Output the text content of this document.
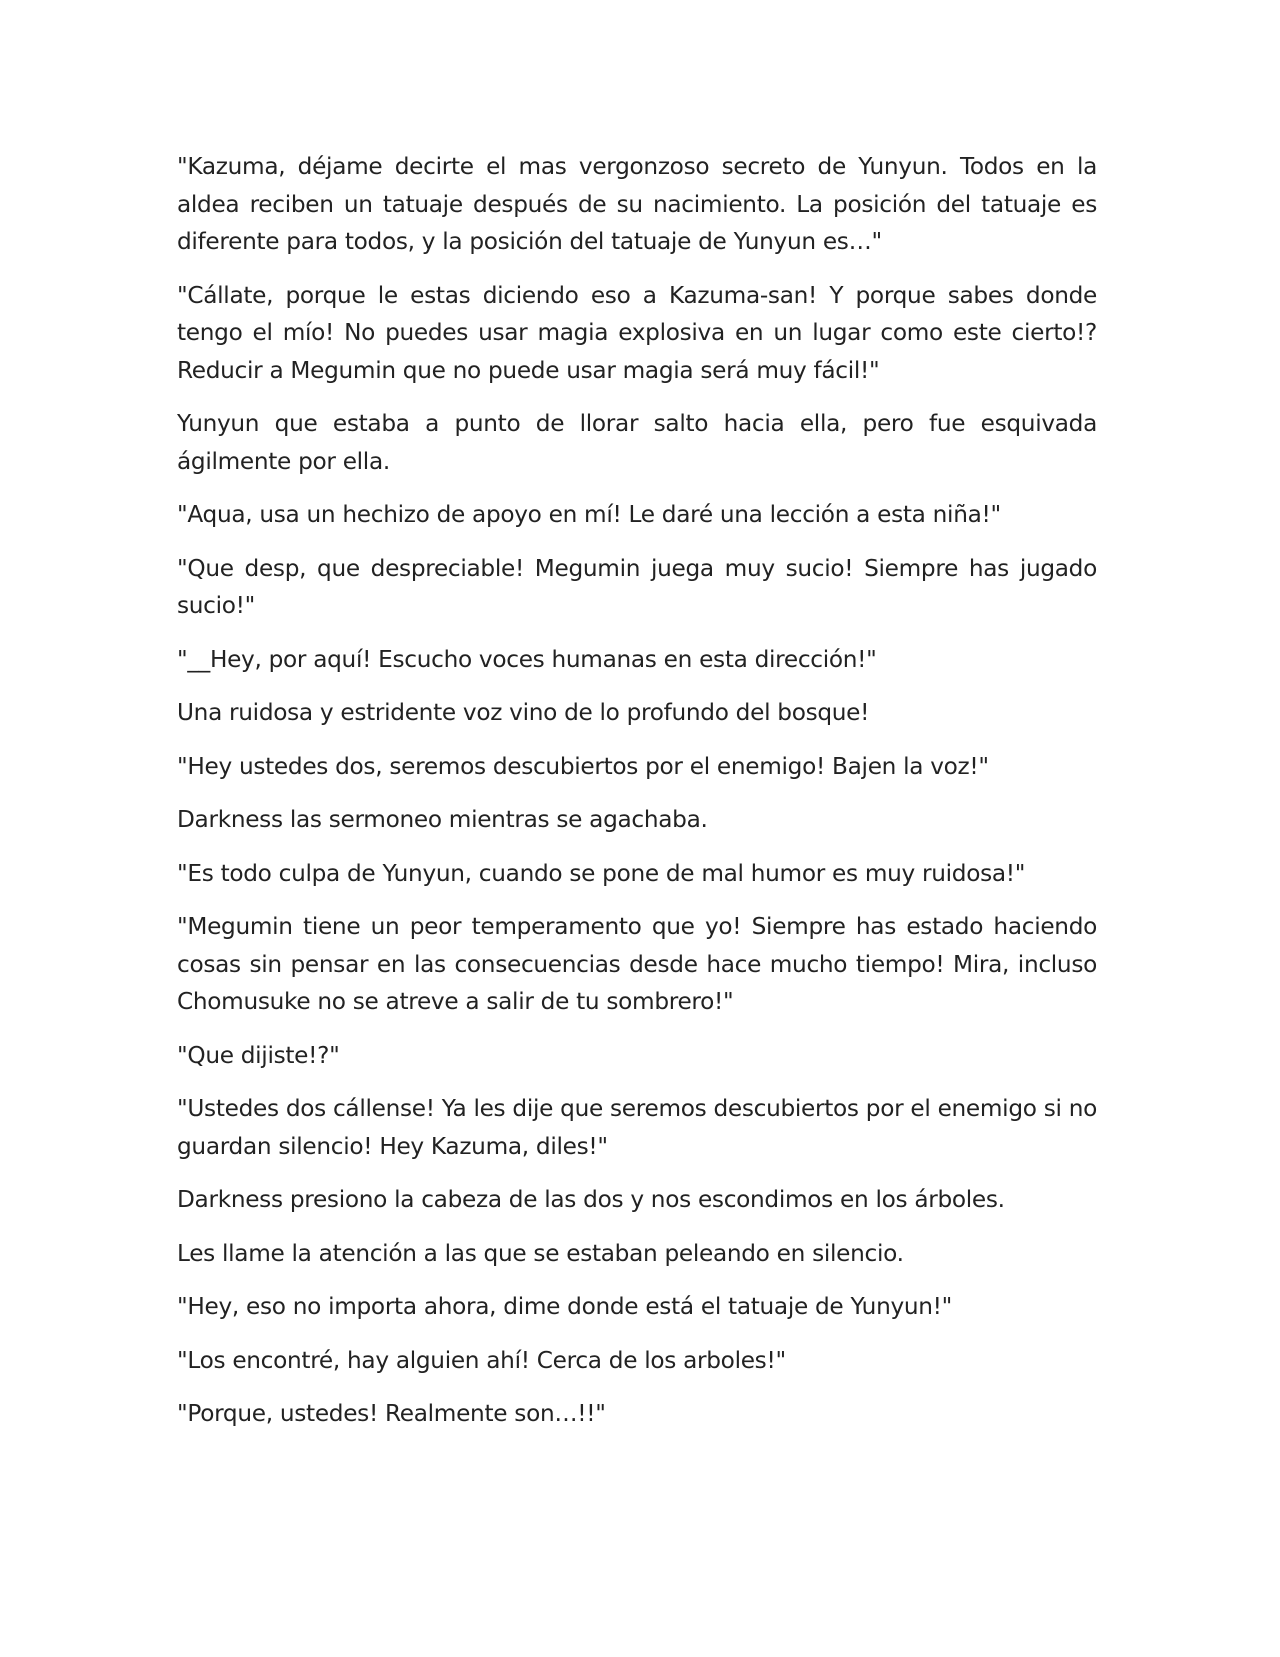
"Kazuma, déjame decirte el mas vergonzoso secreto de Yunyun. Todos en la aldea reciben un tatuaje después de su nacimiento. La posición del tatuaje es diferente para todos, y la posición del tatuaje de Yunyun es…"

"Cállate, porque le estas diciendo eso a Kazuma-san! Y porque sabes donde tengo el mío! No puedes usar magia explosiva en un lugar como este cierto!? Reducir a Megumin que no puede usar magia será muy fácil!"

Yunyun que estaba a punto de llorar salto hacia ella, pero fue esquivada ágilmente por ella.

"Aqua, usa un hechizo de apoyo en mí! Le daré una lección a esta niña!"

"Que desp, que despreciable! Megumin juega muy sucio! Siempre has jugado sucio!"

"__Hey, por aquí! Escucho voces humanas en esta dirección!"

Una ruidosa y estridente voz vino de lo profundo del bosque!

"Hey ustedes dos, seremos descubiertos por el enemigo! Bajen la voz!"

Darkness las sermoneo mientras se agachaba.

"Es todo culpa de Yunyun, cuando se pone de mal humor es muy ruidosa!"

"Megumin tiene un peor temperamento que yo! Siempre has estado haciendo cosas sin pensar en las consecuencias desde hace mucho tiempo! Mira, incluso Chomusuke no se atreve a salir de tu sombrero!"

"Que dijiste!?"

"Ustedes dos cállense! Ya les dije que seremos descubiertos por el enemigo si no guardan silencio! Hey Kazuma, diles!"

Darkness presiono la cabeza de las dos y nos escondimos en los árboles.

Les llame la atención a las que se estaban peleando en silencio.

"Hey, eso no importa ahora, dime donde está el tatuaje de Yunyun!"

"Los encontré, hay alguien ahí! Cerca de los arboles!"

"Porque, ustedes! Realmente son…!!"
